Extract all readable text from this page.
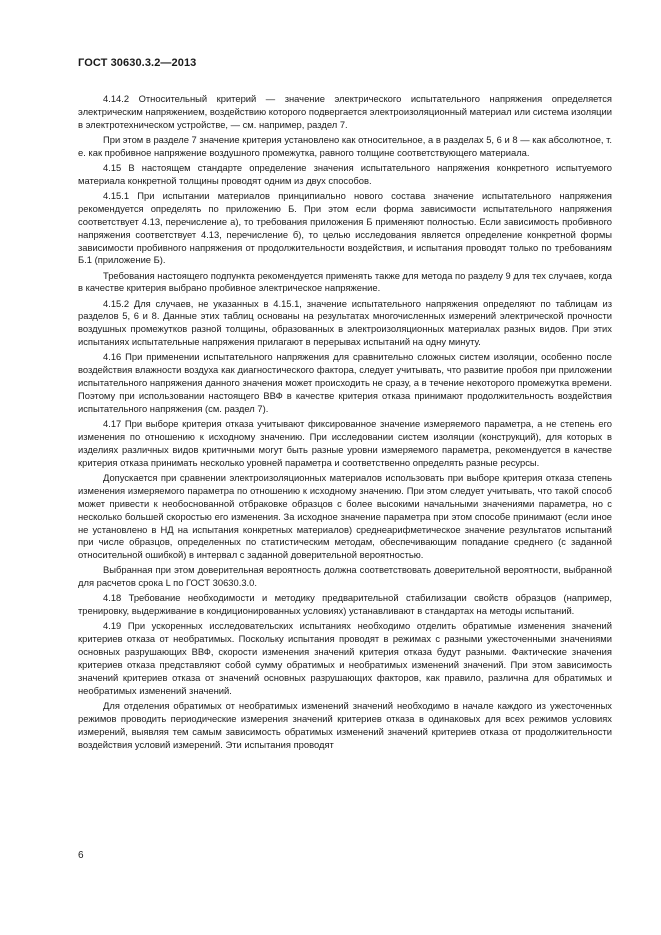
ГОСТ 30630.3.2—2013

4.14.2 Относительный критерий — значение электрического испытательного напряжения определяется электрическим напряжением, воздействию которого подвергается электроизоляционный материал или система изоляции в электротехническом устройстве, — см. например, раздел 7.

При этом в разделе 7 значение критерия установлено как относительное, а в разделах 5, 6 и 8 — как абсолютное, т. е. как пробивное напряжение воздушного промежутка, равного толщине соответствующего материала.

4.15 В настоящем стандарте определение значения испытательного напряжения конкретного испытуемого материала конкретной толщины проводят одним из двух способов.

4.15.1 При испытании материалов принципиально нового состава значение испытательного напряжения рекомендуется определять по приложению Б. При этом если форма зависимости испытательного напряжения соответствует 4.13, перечисление а), то требования приложения Б применяют полностью. Если зависимость пробивного напряжения соответствует 4.13, перечисление б), то целью исследования является определение конкретной формы зависимости пробивного напряжения от продолжительности воздействия, и испытания проводят только по требованиям Б.1 (приложение Б).

Требования настоящего подпункта рекомендуется применять также для метода по разделу 9 для тех случаев, когда в качестве критерия выбрано пробивное электрическое напряжение.

4.15.2 Для случаев, не указанных в 4.15.1, значение испытательного напряжения определяют по таблицам из разделов 5, 6 и 8. Данные этих таблиц основаны на результатах многочисленных измерений электрической прочности воздушных промежутков разной толщины, образованных в электроизоляционных материалах разных видов. При этих испытаниях испытательные напряжения прилагают в перерывах испытаний на одну минуту.

4.16 При применении испытательного напряжения для сравнительно сложных систем изоляции, особенно после воздействия влажности воздуха как диагностического фактора, следует учитывать, что развитие пробоя при приложении испытательного напряжения данного значения может происходить не сразу, а в течение некоторого промежутка времени. Поэтому при использовании настоящего ВВФ в качестве критерия отказа принимают продолжительность воздействия испытательного напряжения (см. раздел 7).

4.17 При выборе критерия отказа учитывают фиксированное значение измеряемого параметра, а не степень его изменения по отношению к исходному значению. При исследовании систем изоляции (конструкций), для которых в изделиях различных видов критичными могут быть разные уровни измеряемого параметра, рекомендуется в качестве критерия отказа принимать несколько уровней параметра и соответственно определять разные ресурсы.

Допускается при сравнении электроизоляционных материалов использовать при выборе критерия отказа степень изменения измеряемого параметра по отношению к исходному значению. При этом следует учитывать, что такой способ может привести к необоснованной отбраковке образцов с более высокими начальными значениями параметра, но с несколько большей скоростью его изменения. За исходное значение параметра при этом способе принимают (если иное не установлено в НД на испытания конкретных материалов) среднеарифметическое значение результатов испытаний при числе образцов, определенных по статистическим методам, обеспечивающим попадание среднего (с заданной относительной ошибкой) в интервал с заданной доверительной вероятностью.

Выбранная при этом доверительная вероятность должна соответствовать доверительной вероятности, выбранной для расчетов срока L по ГОСТ 30630.3.0.

4.18 Требование необходимости и методику предварительной стабилизации свойств образцов (например, тренировку, выдерживание в кондиционированных условиях) устанавливают в стандартах на методы испытаний.

4.19 При ускоренных исследовательских испытаниях необходимо отделить обратимые изменения значений критериев отказа от необратимых. Поскольку испытания проводят в режимах с разными ужесточенными значениями основных разрушающих ВВФ, скорости изменения значений критерия отказа будут разными. Фактические значения критериев отказа представляют собой сумму обратимых и необратимых изменений значений. При этом зависимость значений критериев отказа от значений основных разрушающих факторов, как правило, различна для обратимых и необратимых изменений значений.

Для отделения обратимых от необратимых изменений значений необходимо в начале каждого из ужесточенных режимов проводить периодические измерения значений критериев отказа в одинаковых для всех режимов условиях измерений, выявляя тем самым зависимость обратимых изменений значений критериев отказа от продолжительности воздействия условий измерений. Эти испытания проводят

6
